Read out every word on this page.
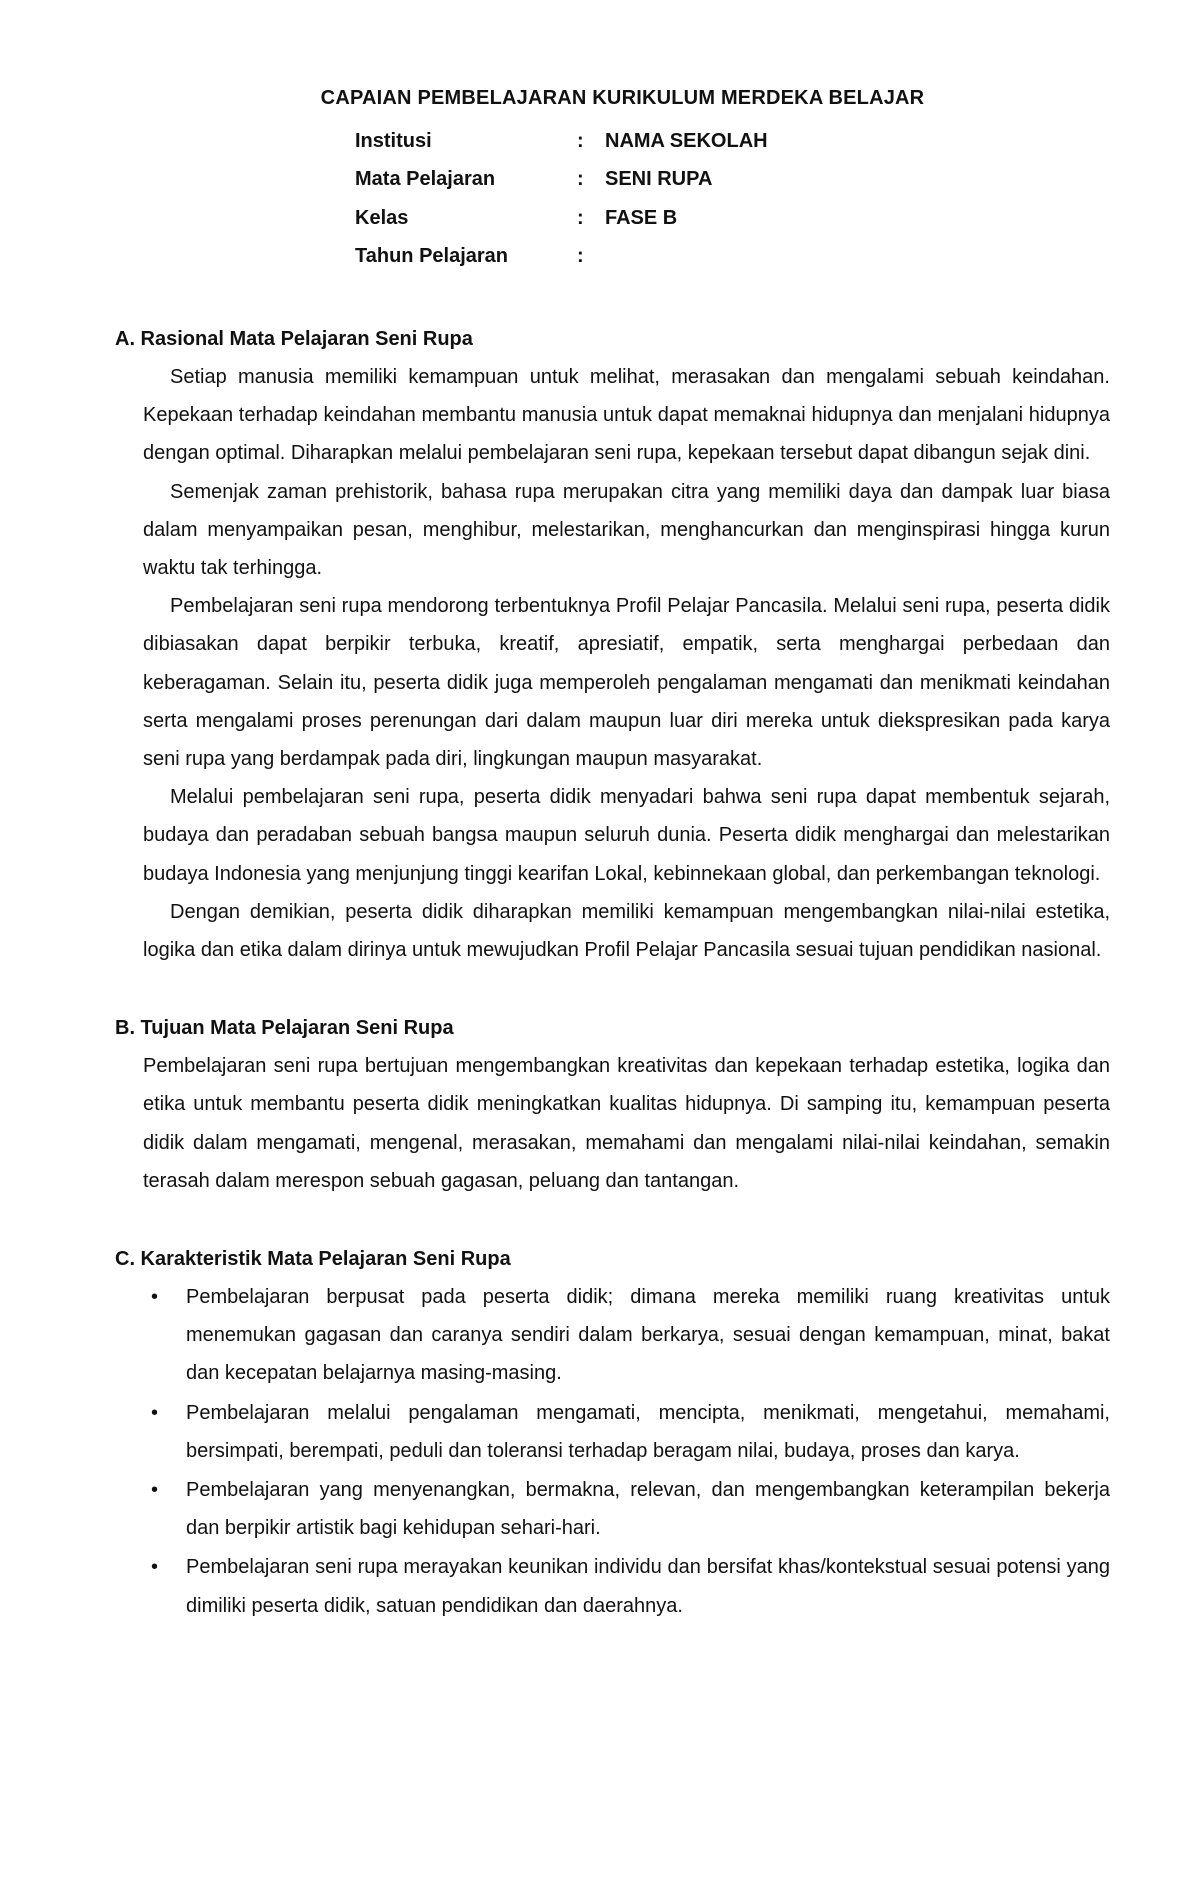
CAPAIAN PEMBELAJARAN KURIKULUM MERDEKA BELAJAR
Institusi	:	NAMA SEKOLAH
Mata Pelajaran	:	SENI RUPA
Kelas	:	FASE B
Tahun Pelajaran	:	
A. Rasional Mata Pelajaran Seni Rupa

Setiap manusia memiliki kemampuan untuk melihat, merasakan dan mengalami sebuah keindahan. Kepekaan terhadap keindahan membantu manusia untuk dapat memaknai hidupnya dan menjalani hidupnya dengan optimal. Diharapkan melalui pembelajaran seni rupa, kepekaan tersebut dapat dibangun sejak dini.

Semenjak zaman prehistorik, bahasa rupa merupakan citra yang memiliki daya dan dampak luar biasa dalam menyampaikan pesan, menghibur, melestarikan, menghancurkan dan menginspirasi hingga kurun waktu tak terhingga.

Pembelajaran seni rupa mendorong terbentuknya Profil Pelajar Pancasila. Melalui seni rupa, peserta didik dibiasakan dapat berpikir terbuka, kreatif, apresiatif, empatik, serta menghargai perbedaan dan keberagaman. Selain itu, peserta didik juga memperoleh pengalaman mengamati dan menikmati keindahan serta mengalami proses perenungan dari dalam maupun luar diri mereka untuk diekspresikan pada karya seni rupa yang berdampak pada diri, lingkungan maupun masyarakat.

Melalui pembelajaran seni rupa, peserta didik menyadari bahwa seni rupa dapat membentuk sejarah, budaya dan peradaban sebuah bangsa maupun seluruh dunia. Peserta didik menghargai dan melestarikan budaya Indonesia yang menjunjung tinggi kearifan Lokal, kebinnekaan global, dan perkembangan teknologi.

Dengan demikian, peserta didik diharapkan memiliki kemampuan mengembangkan nilai-nilai estetika, logika dan etika dalam dirinya untuk mewujudkan Profil Pelajar Pancasila sesuai tujuan pendidikan nasional.

B. Tujuan Mata Pelajaran Seni Rupa

Pembelajaran seni rupa bertujuan mengembangkan kreativitas dan kepekaan terhadap estetika, logika dan etika untuk membantu peserta didik meningkatkan kualitas hidupnya. Di samping itu, kemampuan peserta didik dalam mengamati, mengenal, merasakan, memahami dan mengalami nilai-nilai keindahan, semakin terasah dalam merespon sebuah gagasan, peluang dan tantangan.

C. Karakteristik Mata Pelajaran Seni Rupa
• Pembelajaran berpusat pada peserta didik; dimana mereka memiliki ruang kreativitas untuk menemukan gagasan dan caranya sendiri dalam berkarya, sesuai dengan kemampuan, minat, bakat dan kecepatan belajarnya masing-masing.
• Pembelajaran melalui pengalaman mengamati, mencipta, menikmati, mengetahui, memahami, bersimpati, berempati, peduli dan toleransi terhadap beragam nilai, budaya, proses dan karya.
• Pembelajaran yang menyenangkan, bermakna, relevan, dan mengembangkan keterampilan bekerja dan berpikir artistik bagi kehidupan sehari-hari.
• Pembelajaran seni rupa merayakan keunikan individu dan bersifat khas/kontekstual sesuai potensi yang dimiliki peserta didik, satuan pendidikan dan daerahnya.
